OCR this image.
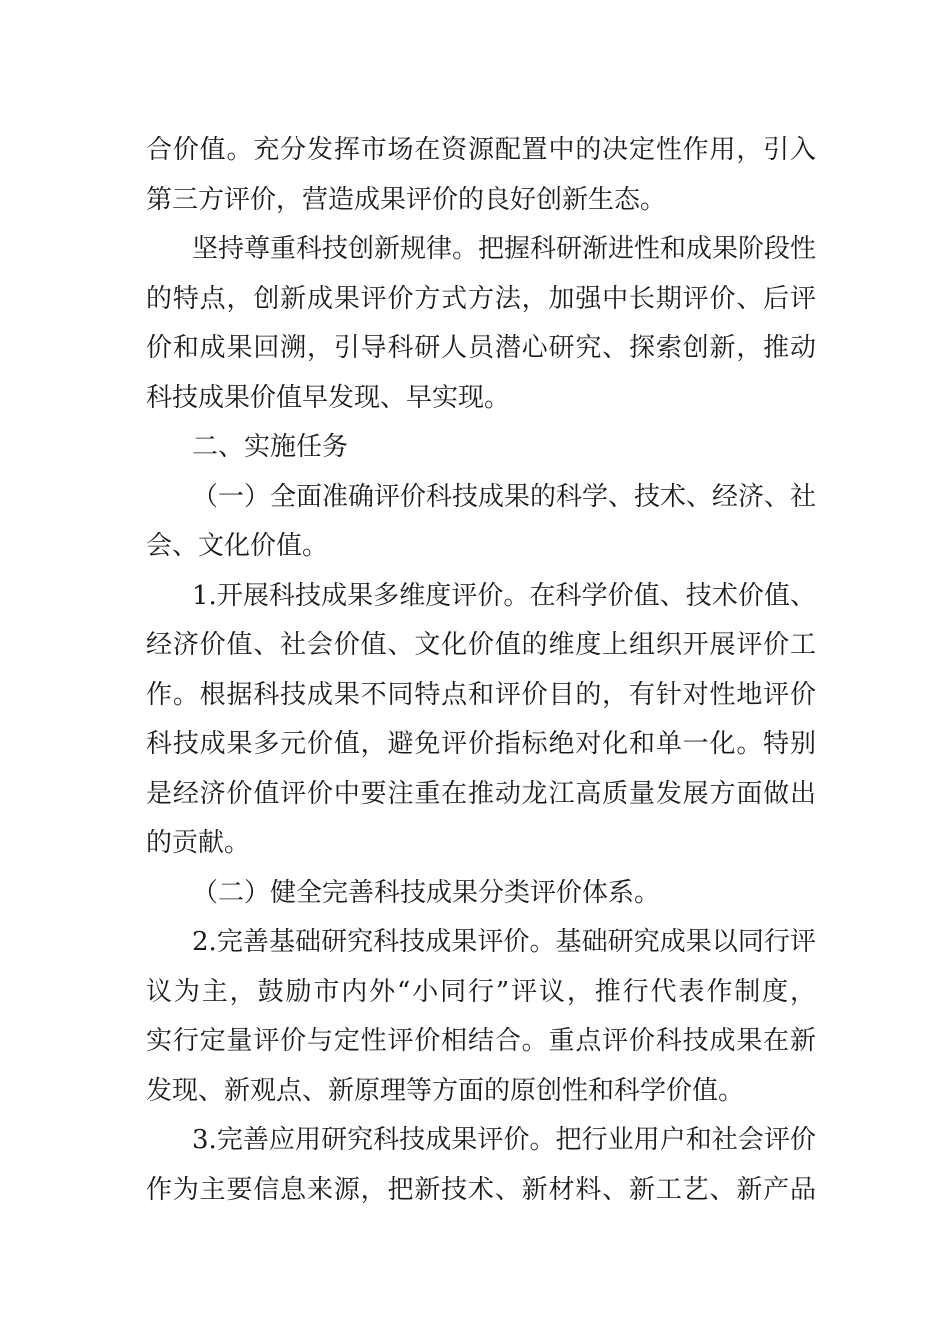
合价值。充分发挥市场在资源配置中的决定性作用，引入
第三方评价，营造成果评价的良好创新生态。
坚持尊重科技创新规律。把握科研渐进性和成果阶段性
的特点，创新成果评价方式方法，加强中长期评价、后评
价和成果回溯，引导科研人员潜心研究、探索创新，推动
科技成果价值早发现、早实现。
二、实施任务
（一）全面准确评价科技成果的科学、技术、经济、社
会、文化价值。
1.开展科技成果多维度评价。在科学价值、技术价值、
经济价值、社会价值、文化价值的维度上组织开展评价工
作。根据科技成果不同特点和评价目的，有针对性地评价
科技成果多元价值，避免评价指标绝对化和单一化。特别
是经济价值评价中要注重在推动龙江高质量发展方面做出
的贡献。
（二）健全完善科技成果分类评价体系。
2.完善基础研究科技成果评价。基础研究成果以同行评
议为主，鼓励市内外“小同行”评议，推行代表作制度，
实行定量评价与定性评价相结合。重点评价科技成果在新
发现、新观点、新原理等方面的原创性和科学价值。
3.完善应用研究科技成果评价。把行业用户和社会评价
作为主要信息来源，把新技术、新材料、新工艺、新产品
